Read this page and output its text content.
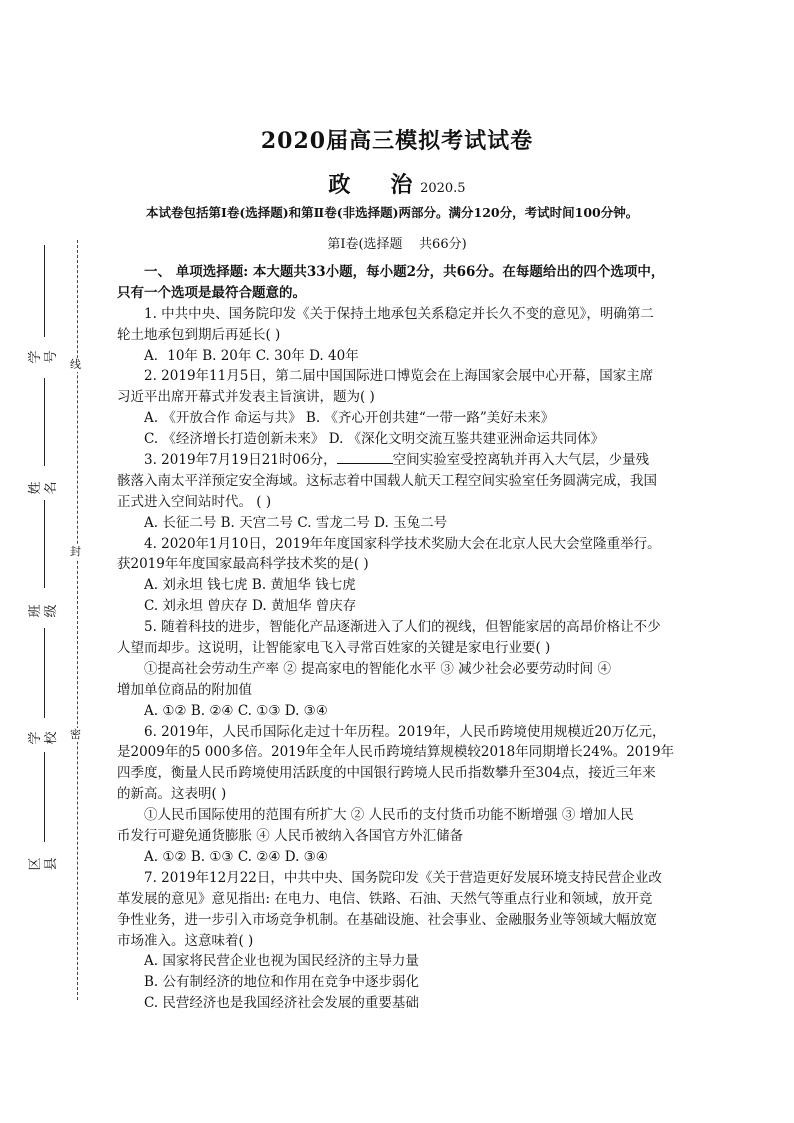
线
封
密
学号
姓名
班级
学校
区县
2020届高三模拟考试试卷
政 治 2020.5
本试卷包括第Ⅰ卷(选择题)和第Ⅱ卷(非选择题)两部分。满分120分，考试时间100分钟。
第Ⅰ卷(选择题    共66分)
一、 单项选择题: 本大题共33小题，每小题2分，共66分。在每题给出的四个选项中，
只有一个选项是最符合题意的。
1. 中共中央、国务院印发《关于保持土地承包关系稳定并长久不变的意见》，明确第二
轮土地承包到期后再延长( )
A．10年 B. 20年 C. 30年 D. 40年
2. 2019年11月5日，第二届中国国际进口博览会在上海国家会展中心开幕，国家主席
习近平出席开幕式并发表主旨演讲，题为( )
A. 《开放合作 命运与共》 B. 《齐心开创共建“一带一路”美好未来》
C. 《经济增长打造创新未来》 D. 《深化文明交流互鉴共建亚洲命运共同体》
3. 2019年7月19日21时06分，	空间实验室受控离轨并再入大气层，少量残
骸落入南太平洋预定安全海域。这标志着中国载人航天工程空间实验室任务圆满完成，我国
正式进入空间站时代。 ( )
A. 长征二号 B. 天宫二号 C. 雪龙二号 D. 玉兔二号
4. 2020年1月10日，2019年年度国家科学技术奖励大会在北京人民大会堂隆重举行。
获2019年年度国家最高科学技术奖的是( )
A. 刘永坦 钱七虎 B. 黄旭华 钱七虎
C. 刘永坦 曾庆存 D. 黄旭华 曾庆存
5. 随着科技的进步，智能化产品逐渐进入了人们的视线，但智能家居的高昂价格让不少
人望而却步。这说明，让智能家电飞入寻常百姓家的关键是家电行业要( )
①提高社会劳动生产率 ② 提高家电的智能化水平 ③ 减少社会必要劳动时间 ④
增加单位商品的附加值
A. ①② B. ②④ C. ①③ D. ③④
6. 2019年，人民币国际化走过十年历程。2019年，人民币跨境使用规模近20万亿元，
是2009年的5 000多倍。2019年全年人民币跨境结算规模较2018年同期增长24%。2019年
四季度，衡量人民币跨境使用活跃度的中国银行跨境人民币指数攀升至304点，接近三年来
的新高。这表明( )
①人民币国际使用的范围有所扩大 ② 人民币的支付货币功能不断增强 ③ 增加人民
币发行可避免通货膨胀 ④ 人民币被纳入各国官方外汇储备
A. ①② B. ①③ C. ②④ D. ③④
7. 2019年12月22日，中共中央、国务院印发《关于营造更好发展环境支持民营企业改
革发展的意见》意见指出: 在电力、电信、铁路、石油、天然气等重点行业和领域，放开竞
争性业务，进一步引入市场竞争机制。在基础设施、社会事业、金融服务业等领域大幅放宽
市场准入。这意味着( )
A. 国家将民营企业也视为国民经济的主导力量
B. 公有制经济的地位和作用在竞争中逐步弱化
C. 民营经济也是我国经济社会发展的重要基础
